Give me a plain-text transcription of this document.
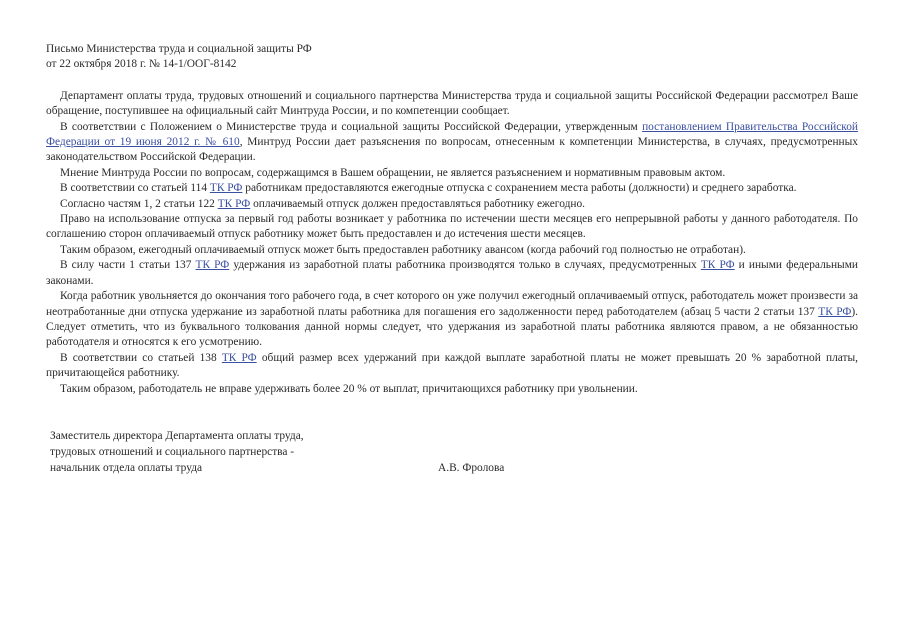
Письмо Министерства труда и социальной защиты РФ

от 22 октября 2018 г. № 14-1/ООГ-8142

Департамент оплаты труда, трудовых отношений и социального партнерства Министерства труда и социальной защиты Российской Федерации рассмотрел Ваше обращение, поступившее на официальный сайт Минтруда России, и по компетенции сообщает.

В соответствии с Положением о Министерстве труда и социальной защиты Российской Федерации, утвержденным постановлением Правительства Российской Федерации от 19 июня 2012 г. № 610, Минтруд России дает разъяснения по вопросам, отнесенным к компетенции Министерства, в случаях, предусмотренных законодательством Российской Федерации.

Мнение Минтруда России по вопросам, содержащимся в Вашем обращении, не является разъяснением и нормативным правовым актом.

В соответствии со статьей 114 ТК РФ работникам предоставляются ежегодные отпуска с сохранением места работы (должности) и среднего заработка.

Согласно частям 1, 2 статьи 122 ТК РФ оплачиваемый отпуск должен предоставляться работнику ежегодно.

Право на использование отпуска за первый год работы возникает у работника по истечении шести месяцев его непрерывной работы у данного работодателя. По соглашению сторон оплачиваемый отпуск работнику может быть предоставлен и до истечения шести месяцев.

Таким образом, ежегодный оплачиваемый отпуск может быть предоставлен работнику авансом (когда рабочий год полностью не отработан).

В силу части 1 статьи 137 ТК РФ удержания из заработной платы работника производятся только в случаях, предусмотренных ТК РФ и иными федеральными законами.

Когда работник увольняется до окончания того рабочего года, в счет которого он уже получил ежегодный оплачиваемый отпуск, работодатель может произвести за неотработанные дни отпуска удержание из заработной платы работника для погашения его задолженности перед работодателем (абзац 5 части 2 статьи 137 ТК РФ). Следует отметить, что из буквального толкования данной нормы следует, что удержания из заработной платы работника являются правом, а не обязанностью работодателя и относятся к его усмотрению.

В соответствии со статьей 138 ТК РФ общий размер всех удержаний при каждой выплате заработной платы не может превышать 20 % заработной платы, причитающейся работнику.

Таким образом, работодатель не вправе удерживать более 20 % от выплат, причитающихся работнику при увольнении.

Заместитель директора Департамента оплаты труда,

трудовых отношений и социального партнерства -

начальник отдела оплаты труда	А.В. Фролова
